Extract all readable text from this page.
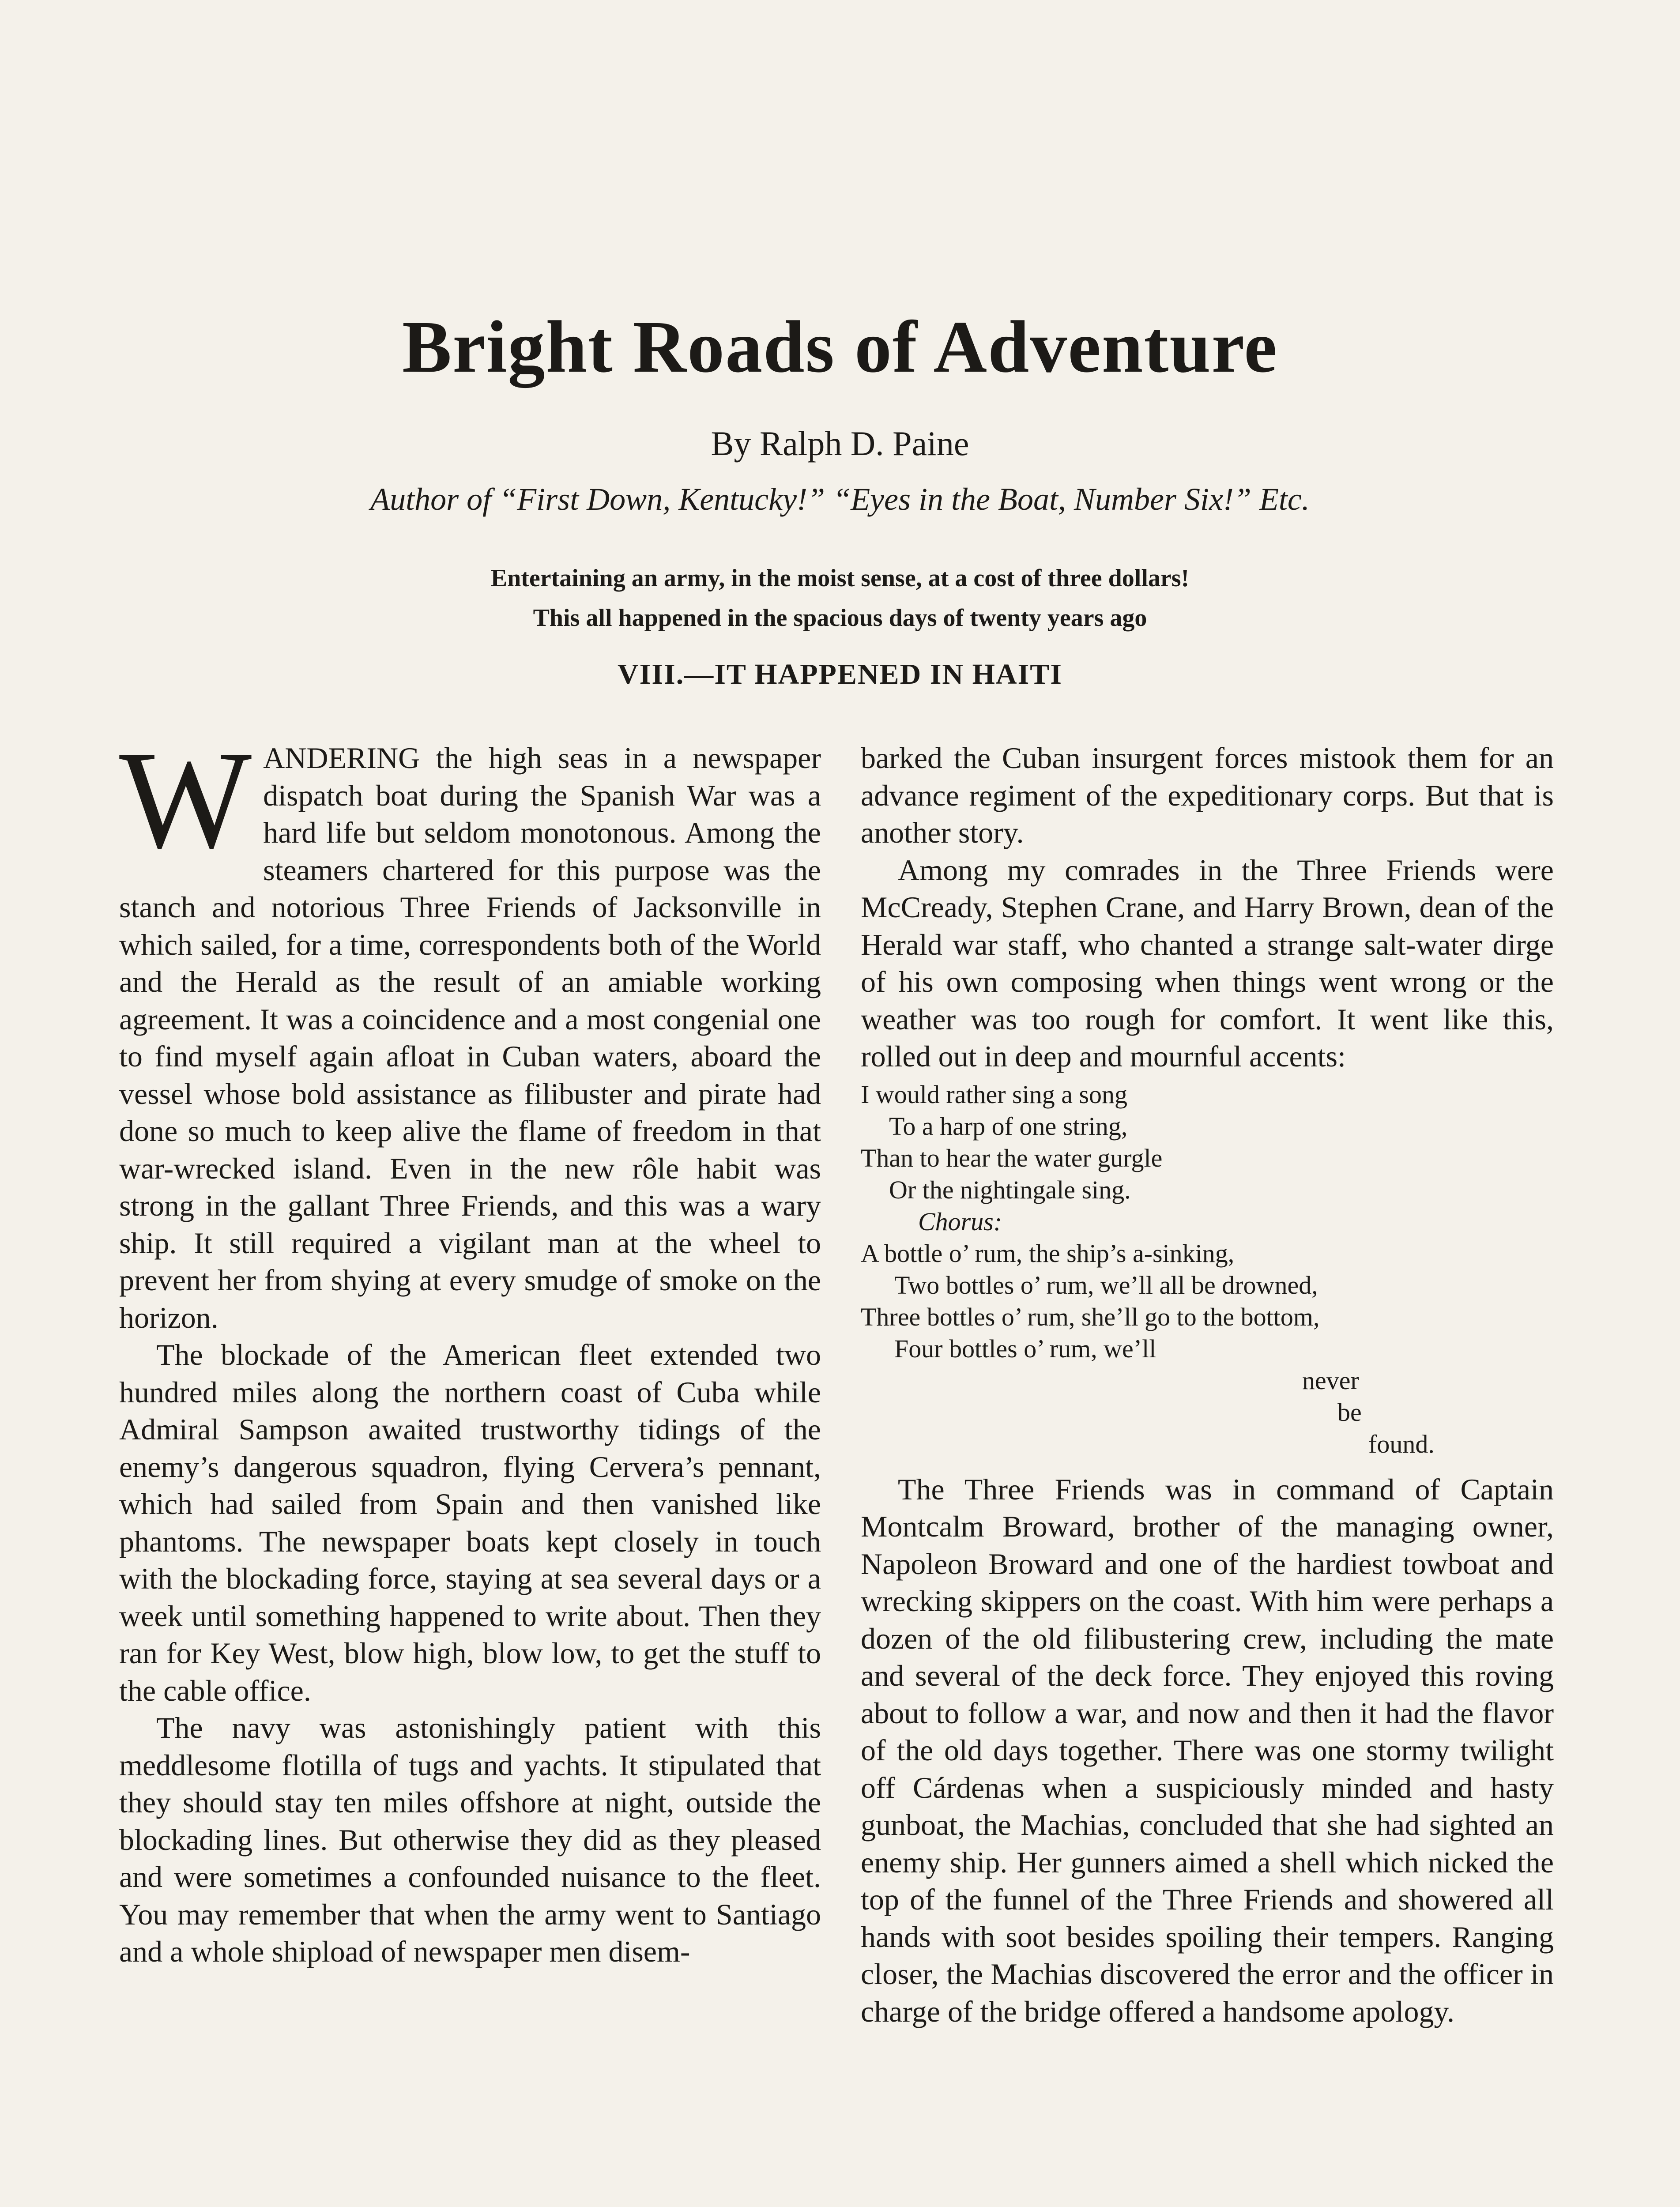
Bright Roads of Adventure
By Ralph D. Paine
Author of “First Down, Kentucky!” “Eyes in the Boat, Number Six!” Etc.
Entertaining an army, in the moist sense, at a cost of three dollars!
This all happened in the spacious days of twenty years ago
VIII.—IT HAPPENED IN HAITI

W ANDERING the high seas in a newspaper dispatch boat during the Spanish War was a hard life but seldom monotonous. Among the steamers chartered for this purpose was the stanch and notorious Three Friends of Jacksonville in which sailed, for a time, correspondents both of the World and the Herald as the result of an amiable working agreement. It was a coincidence and a most congenial one to find myself again afloat in Cuban waters, aboard the vessel whose bold assistance as filibuster and pirate had done so much to keep alive the flame of freedom in that war-wrecked island. Even in the new rôle habit was strong in the gallant Three Friends, and this was a wary ship. It still required a vigilant man at the wheel to prevent her from shying at every smudge of smoke on the horizon.

The blockade of the American fleet extended two hundred miles along the northern coast of Cuba while Admiral Sampson awaited trustworthy tidings of the enemy’s dangerous squadron, flying Cervera’s pennant, which had sailed from Spain and then vanished like phantoms. The newspaper boats kept closely in touch with the blockading force, staying at sea several days or a week until something happened to write about. Then they ran for Key West, blow high, blow low, to get the stuff to the cable office.

The navy was astonishingly patient with this meddlesome flotilla of tugs and yachts. It stipulated that they should stay ten miles offshore at night, outside the blockading lines. But otherwise they did as they pleased and were sometimes a confounded nuisance to the fleet. You may remember that when the army went to Santiago and a whole shipload of newspaper men disem-

barked the Cuban insurgent forces mistook them for an advance regiment of the expeditionary corps. But that is another story.

Among my comrades in the Three Friends were McCready, Stephen Crane, and Harry Brown, dean of the Herald war staff, who chanted a strange salt-water dirge of his own composing when things went wrong or the weather was too rough for comfort. It went like this, rolled out in deep and mournful accents:

I would rather sing a song
To a harp of one string,
Than to hear the water gurgle
Or the nightingale sing.
Chorus:
A bottle o’ rum, the ship’s a-sinking,
Two bottles o’ rum, we’ll all be drowned,
Three bottles o’ rum, she’ll go to the bottom,
Four bottles o’ rum, we’ll
never
be
found.

The Three Friends was in command of Captain Montcalm Broward, brother of the managing owner, Napoleon Broward and one of the hardiest towboat and wrecking skippers on the coast. With him were perhaps a dozen of the old filibustering crew, including the mate and several of the deck force. They enjoyed this roving about to follow a war, and now and then it had the flavor of the old days together. There was one stormy twilight off Cárdenas when a suspiciously minded and hasty gunboat, the Machias, concluded that she had sighted an enemy ship. Her gunners aimed a shell which nicked the top of the funnel of the Three Friends and showered all hands with soot besides spoiling their tempers. Ranging closer, the Machias discovered the error and the officer in charge of the bridge offered a handsome apology.
